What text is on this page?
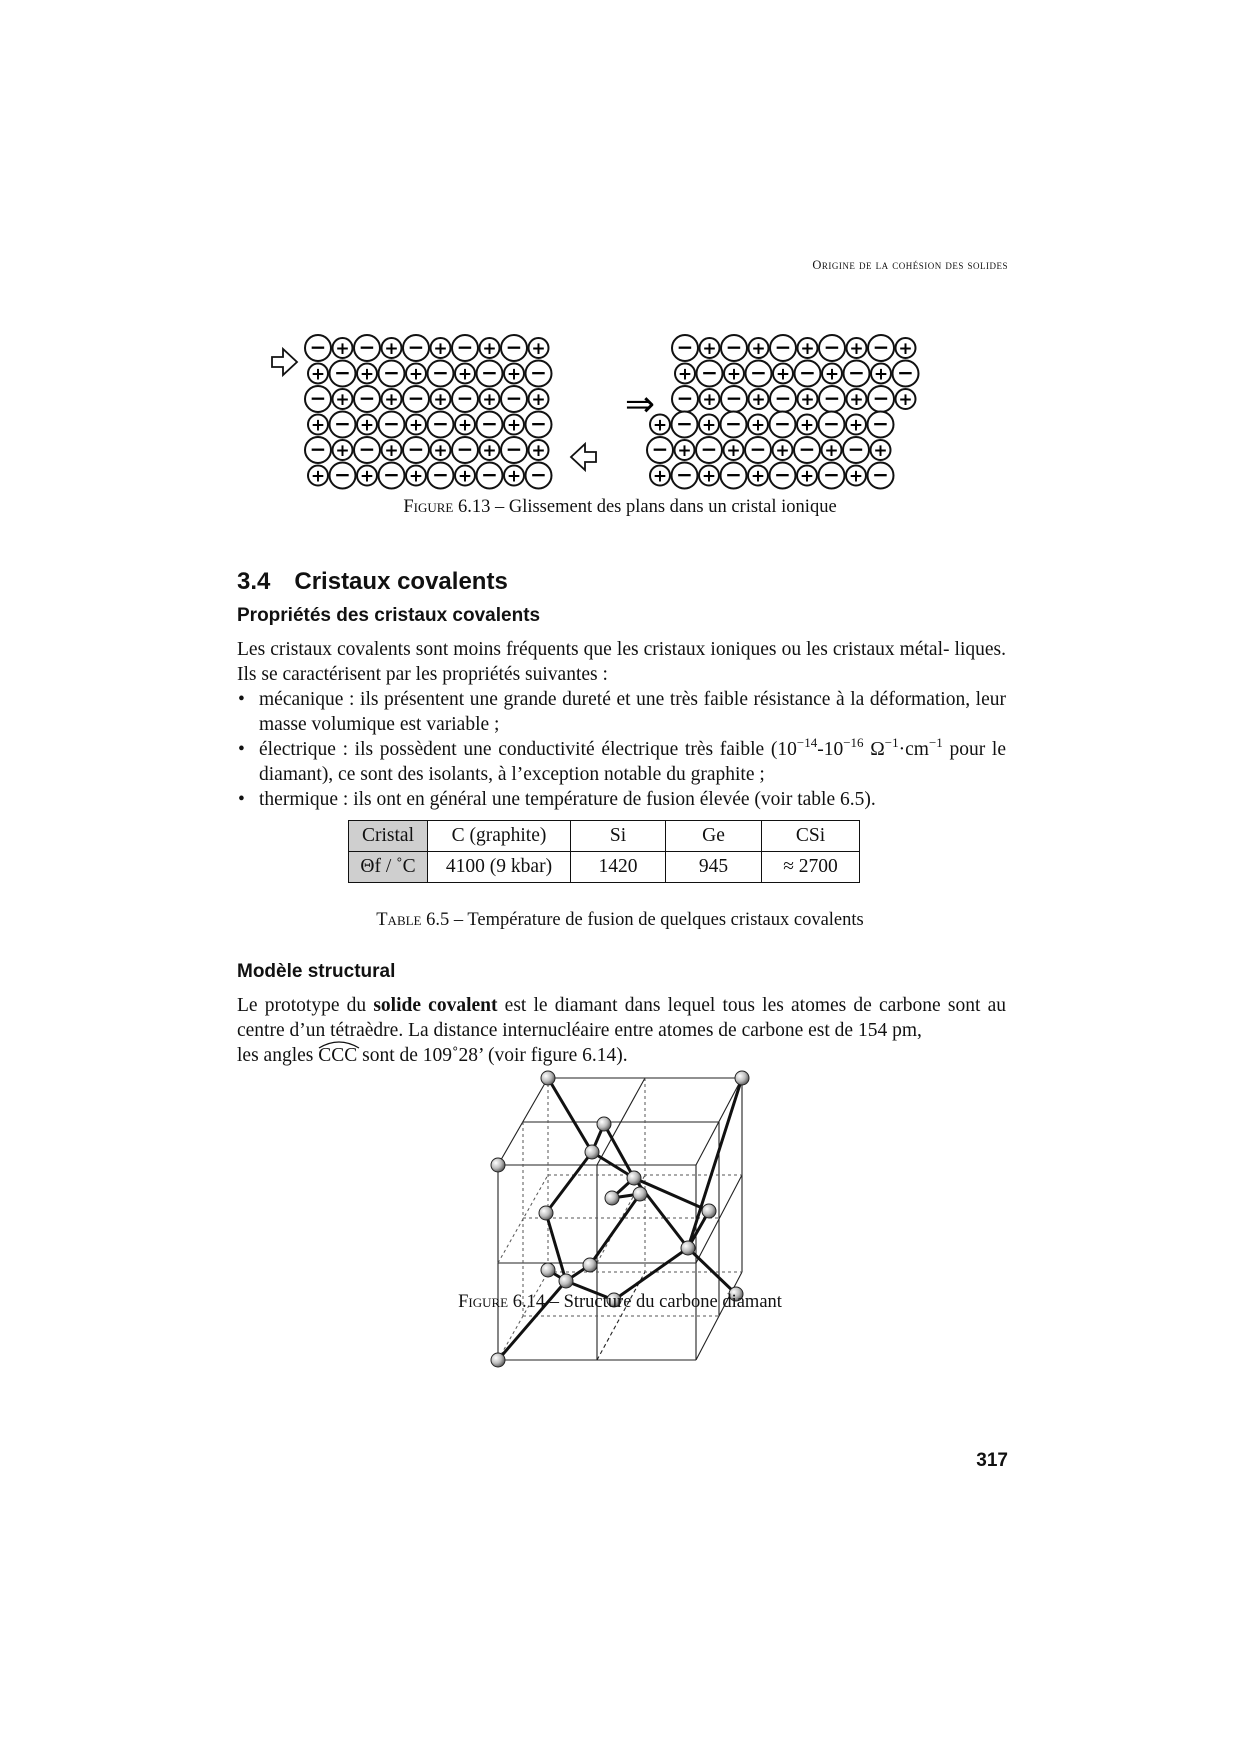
Origine de la cohésion des solides
− + − + − + − + − +
+ − + − + − + − + −
− + − + − + − + − +
+ − + − + − + − + −
− + − + − + − + − +
+ − + − + − + − + −
− + − + − + − + − +
+ − + − + − + − + −
− + − + − + − + − +
+ − + − + − + − + −
− + − + − + − + − +
+ − + − + − + − + −
⇒
Figure 6.13 – Glissement des plans dans un cristal ionique
3.4 Cristaux covalents
Propriétés des cristaux covalents
Les cristaux covalents sont moins fréquents que les cristaux ioniques ou les cristaux métal- liques. Ils se caractérisent par les propriétés suivantes :
• mécanique : ils présentent une grande dureté et une très faible résistance à la déformation, leur masse volumique est variable ;
• électrique : ils possèdent une conductivité électrique très faible ($10^{-14}-10^{-16}$ $\Omega^{-1}\cdot cm^{-1}$ pour le diamant), ce sont des isolants, à l’exception notable du graphite ;
• thermique : ils ont en général une température de fusion élevée (voir table 6.5).
Cristal	C (graphite)	Si	Ge	CSi
Θf / ˚C	4100 (9 kbar)	1420	945	≈ 2700
Table 6.5 – Température de fusion de quelques cristaux covalents
Modèle structural
Le prototype du solide covalent est le diamant dans lequel tous les atomes de carbone sont au centre d’un tétraèdre. La distance internucléaire entre atomes de carbone est de 154 pm,
les angles
CCC sont de 109˚28’ (voir figure 6.14).
Figure 6.14 – Structure du carbone diamant
317
